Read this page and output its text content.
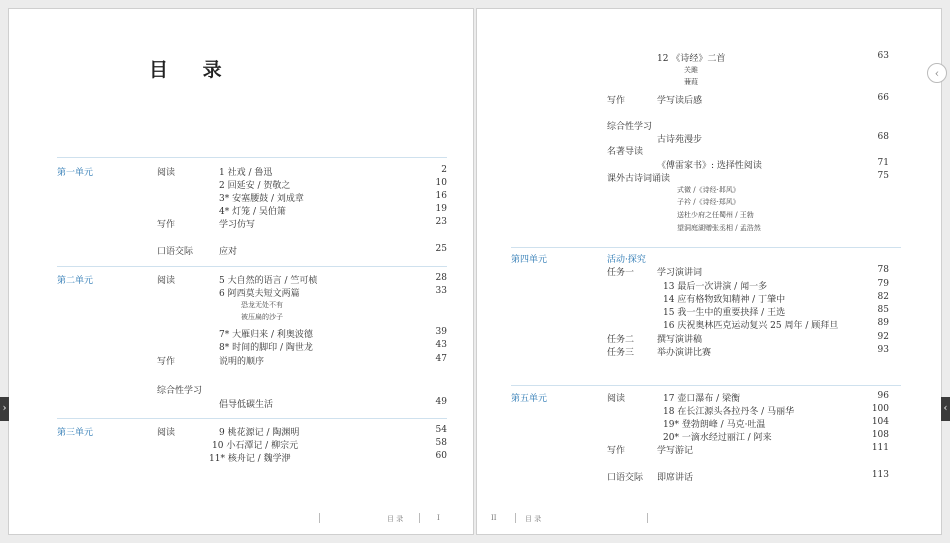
目 录
第一单元	阅读	1 社戏 / 鲁迅	2
2 回延安 / 贺敬之	10
3* 安塞腰鼓 / 刘成章	16
4* 灯笼 / 吴伯箫	19
写作	学习仿写	23
口语交际	应对	25
第二单元	阅读	5 大自然的语言 / 竺可桢	28
6 阿西莫夫短文两篇	33
恐龙无处不有
被压扁的沙子
7* 大雁归来 / 利奥波德	39
8* 时间的脚印 / 陶世龙	43
写作	说明的顺序	47
综合性学习
倡导低碳生活	49
第三单元	阅读	9 桃花源记 / 陶渊明	54
10 小石潭记 / 柳宗元	58
11* 核舟记 / 魏学洢	60
目 录	I
12 《诗经》二首	63
关雎
蒹葭
写作	学写读后感	66
综合性学习
古诗苑漫步	68
名著导读
《傅雷家书》: 选择性阅读	71
课外古诗词诵读	75
式微 /《诗经·邶风》
子衿 /《诗经·郑风》
送杜少府之任蜀州 / 王勃
望洞庭湖赠张丞相 / 孟浩然
第四单元	活动·探究
任务一	学习演讲词	78
13 最后一次讲演 / 闻一多	79
14 应有格物致知精神 / 丁肇中	82
15 我一生中的重要抉择 / 王选	85
16 庆祝奥林匹克运动复兴 25 周年 / 顾拜旦	89
任务二	撰写演讲稿	92
任务三	举办演讲比赛	93
第五单元	阅读	17 壶口瀑布 / 梁衡	96
18 在长江源头各拉丹冬 / 马丽华	100
19* 登勃朗峰 / 马克·吐温	104
20* 一滴水经过丽江 / 阿来	108
写作	学写游记	111
口语交际 即席讲话	113
II	目 录
›	‹
‹
